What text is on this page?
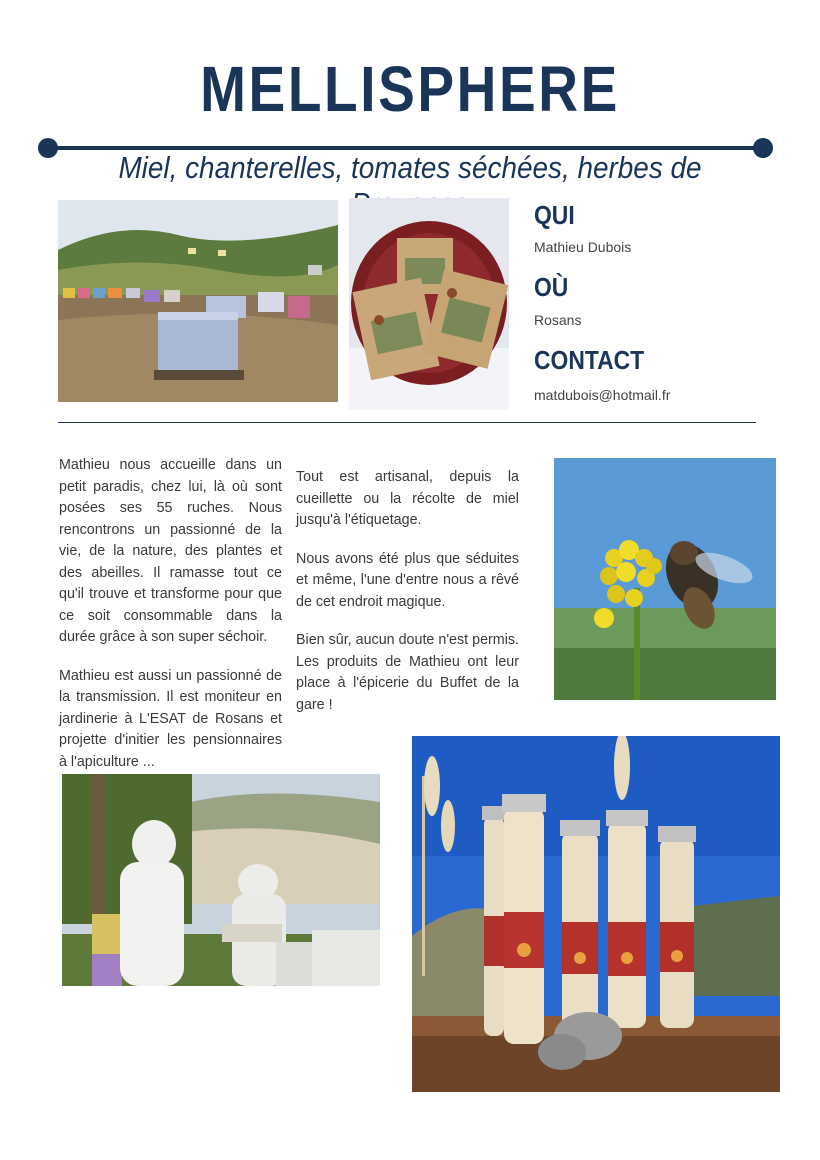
MELLISPHERE
Miel, chanterelles, tomates séchées, herbes de
QUI
Mathieu Dubois
OÙ
Rosans
CONTACT
matdubois@hotmail.fr

Mathieu nous accueille dans un petit paradis, chez lui, là où sont posées ses 55 ruches. Nous rencontrons un passionné de la vie, de la nature, des plantes et des abeilles. Il ramasse tout ce qu'il trouve et transforme pour que ce soit consommable dans la durée grâce à son super séchoir.

Mathieu est aussi un passionné de la transmission. Il est moniteur en jardinerie à L'ESAT de Rosans et projette d'initier les pensionnaires à l'apiculture ...

Tout est artisanal, depuis la cueillette ou la récolte de miel jusqu'à l'étiquetage.

Nous avons été plus que séduites et même, l'une d'entre nous a rêvé de cet endroit magique.

Bien sûr, aucun doute n'est permis. Les produits de Mathieu ont leur place à l'épicerie du Buffet de la gare !
